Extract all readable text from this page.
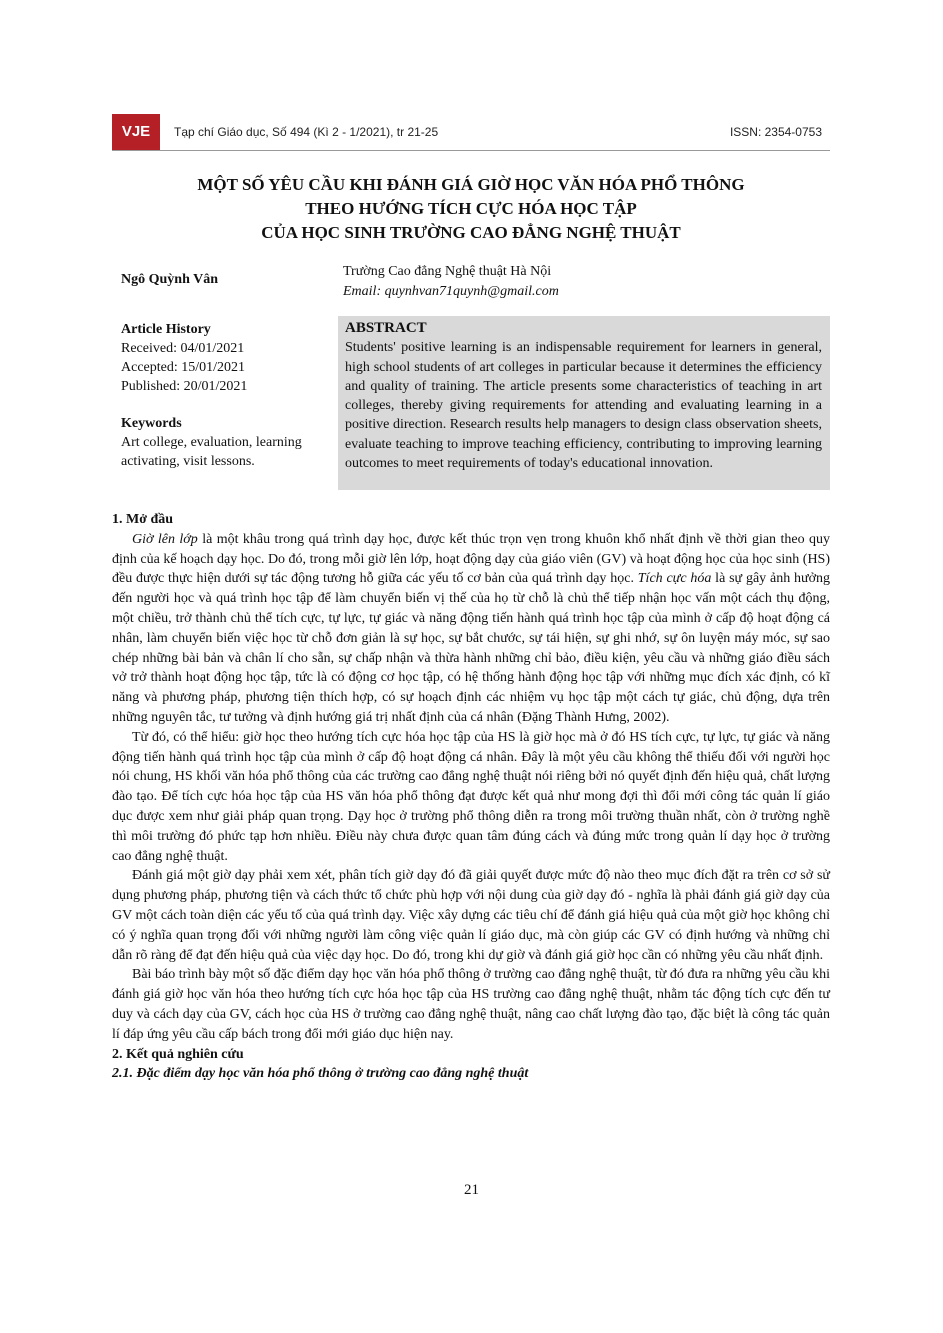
VJE	Tạp chí Giáo dục, Số 494 (Kì 2 - 1/2021), tr 21-25	ISSN: 2354-0753
MỘT SỐ YÊU CẦU KHI ĐÁNH GIÁ GIỜ HỌC VĂN HÓA PHỔ THÔNG
THEO HƯỚNG TÍCH CỰC HÓA HỌC TẬP
CỦA HỌC SINH TRƯỜNG CAO ĐẲNG NGHỆ THUẬT
Ngô Quỳnh Vân
Trường Cao đẳng Nghệ thuật Hà Nội
Email: quynhvan71quynh@gmail.com
Article History
Received: 04/01/2021
Accepted: 15/01/2021
Published: 20/01/2021
Keywords
Art college, evaluation, learning activating, visit lessons.
ABSTRACT
Students' positive learning is an indispensable requirement for learners in general, high school students of art colleges in particular because it determines the efficiency and quality of training. The article presents some characteristics of teaching in art colleges, thereby giving requirements for attending and evaluating learning in a positive direction. Research results help managers to design class observation sheets, evaluate teaching to improve teaching efficiency, contributing to improving learning outcomes to meet requirements of today's educational innovation.

1. Mở đầu

Giờ lên lớp là một khâu trong quá trình dạy học, được kết thúc trọn vẹn trong khuôn khổ nhất định về thời gian theo quy định của kế hoạch dạy học. Do đó, trong mỗi giờ lên lớp, hoạt động dạy của giáo viên (GV) và hoạt động học của học sinh (HS) đều được thực hiện dưới sự tác động tương hỗ giữa các yếu tố cơ bản của quá trình dạy học. Tích cực hóa là sự gây ảnh hưởng đến người học và quá trình học tập để làm chuyển biến vị thế của họ từ chỗ là chủ thể tiếp nhận học vấn một cách thụ động, một chiều, trở thành chủ thể tích cực, tự lực, tự giác và năng động tiến hành quá trình học tập của mình ở cấp độ hoạt động cá nhân, làm chuyển biến việc học từ chỗ đơn giản là sự học, sự bắt chước, sự tái hiện, sự ghi nhớ, sự ôn luyện máy móc, sự sao chép những bài bản và chân lí cho sẵn, sự chấp nhận và thừa hành những chỉ bảo, điều kiện, yêu cầu và những giáo điều sách vở trở thành hoạt động học tập, tức là có động cơ học tập, có hệ thống hành động học tập với những mục đích xác định, có kĩ năng và phương pháp, phương tiện thích hợp, có sự hoạch định các nhiệm vụ học tập một cách tự giác, chủ động, dựa trên những nguyên tắc, tư tưởng và định hướng giá trị nhất định của cá nhân (Đặng Thành Hưng, 2002).

Từ đó, có thể hiểu: giờ học theo hướng tích cực hóa học tập của HS là giờ học mà ở đó HS tích cực, tự lực, tự giác và năng động tiến hành quá trình học tập của mình ở cấp độ hoạt động cá nhân. Đây là một yêu cầu không thể thiếu đối với người học nói chung, HS khối văn hóa phổ thông của các trường cao đẳng nghệ thuật nói riêng bởi nó quyết định đến hiệu quả, chất lượng đào tạo. Để tích cực hóa học tập của HS văn hóa phổ thông đạt được kết quả như mong đợi thì đổi mới công tác quản lí giáo dục được xem như giải pháp quan trọng. Dạy học ở trường phổ thông diễn ra trong môi trường thuần nhất, còn ở trường nghề thì môi trường đó phức tạp hơn nhiều. Điều này chưa được quan tâm đúng cách và đúng mức trong quản lí dạy học ở trường cao đẳng nghệ thuật.

Đánh giá một giờ dạy phải xem xét, phân tích giờ dạy đó đã giải quyết được mức độ nào theo mục đích đặt ra trên cơ sở sử dụng phương pháp, phương tiện và cách thức tổ chức phù hợp với nội dung của giờ dạy đó - nghĩa là phải đánh giá giờ dạy của GV một cách toàn diện các yếu tố của quá trình dạy. Việc xây dựng các tiêu chí để đánh giá hiệu quả của một giờ học không chỉ có ý nghĩa quan trọng đối với những người làm công việc quản lí giáo dục, mà còn giúp các GV có định hướng và những chỉ dẫn rõ ràng để đạt đến hiệu quả của việc dạy học. Do đó, trong khi dự giờ và đánh giá giờ học cần có những yêu cầu nhất định.

Bài báo trình bày một số đặc điểm dạy học văn hóa phổ thông ở trường cao đẳng nghệ thuật, từ đó đưa ra những yêu cầu khi đánh giá giờ học văn hóa theo hướng tích cực hóa học tập của HS trường cao đẳng nghệ thuật, nhằm tác động tích cực đến tư duy và cách dạy của GV, cách học của HS ở trường cao đẳng nghệ thuật, nâng cao chất lượng đào tạo, đặc biệt là công tác quản lí đáp ứng yêu cầu cấp bách trong đổi mới giáo dục hiện nay.

2. Kết quả nghiên cứu

2.1. Đặc điểm dạy học văn hóa phổ thông ở trường cao đẳng nghệ thuật

21
